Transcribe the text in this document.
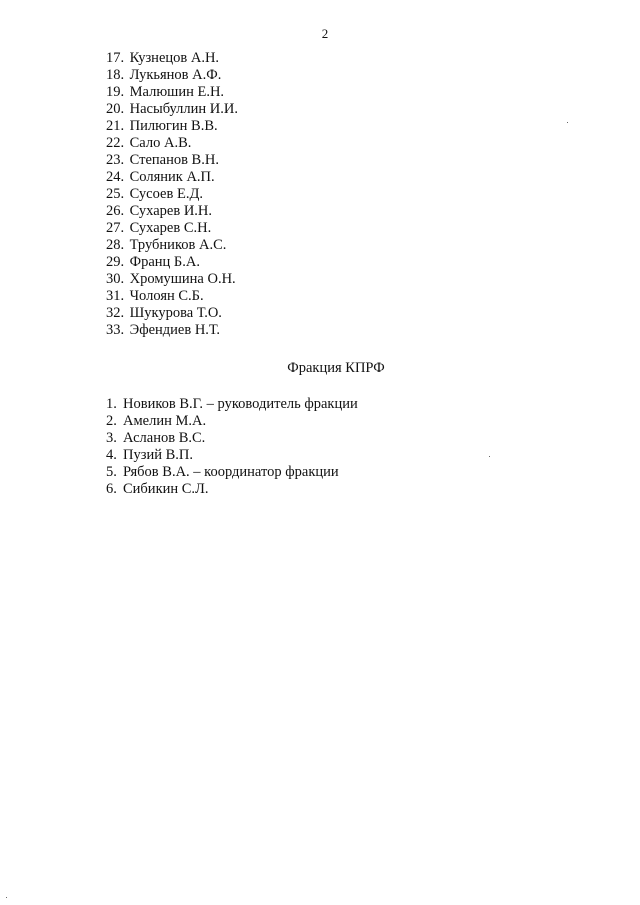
2
17. Кузнецов А.Н.
18. Лукьянов А.Ф.
19. Малюшин Е.Н.
20. Насыбуллин И.И.
21. Пилюгин В.В.
22. Сало А.В.
23. Степанов В.Н.
24. Соляник А.П.
25. Сусоев Е.Д.
26. Сухарев И.Н.
27. Сухарев С.Н.
28. Трубников А.С.
29. Франц Б.А.
30. Хромушина О.Н.
31. Чолоян С.Б.
32. Шукурова Т.О.
33. Эфендиев Н.Т.
Фракция КПРФ
1. Новиков В.Г. – руководитель фракции
2. Амелин М.А.
3. Асланов В.С.
4. Пузий В.П.
5. Рябов В.А. – координатор фракции
6. Сибикин С.Л.
